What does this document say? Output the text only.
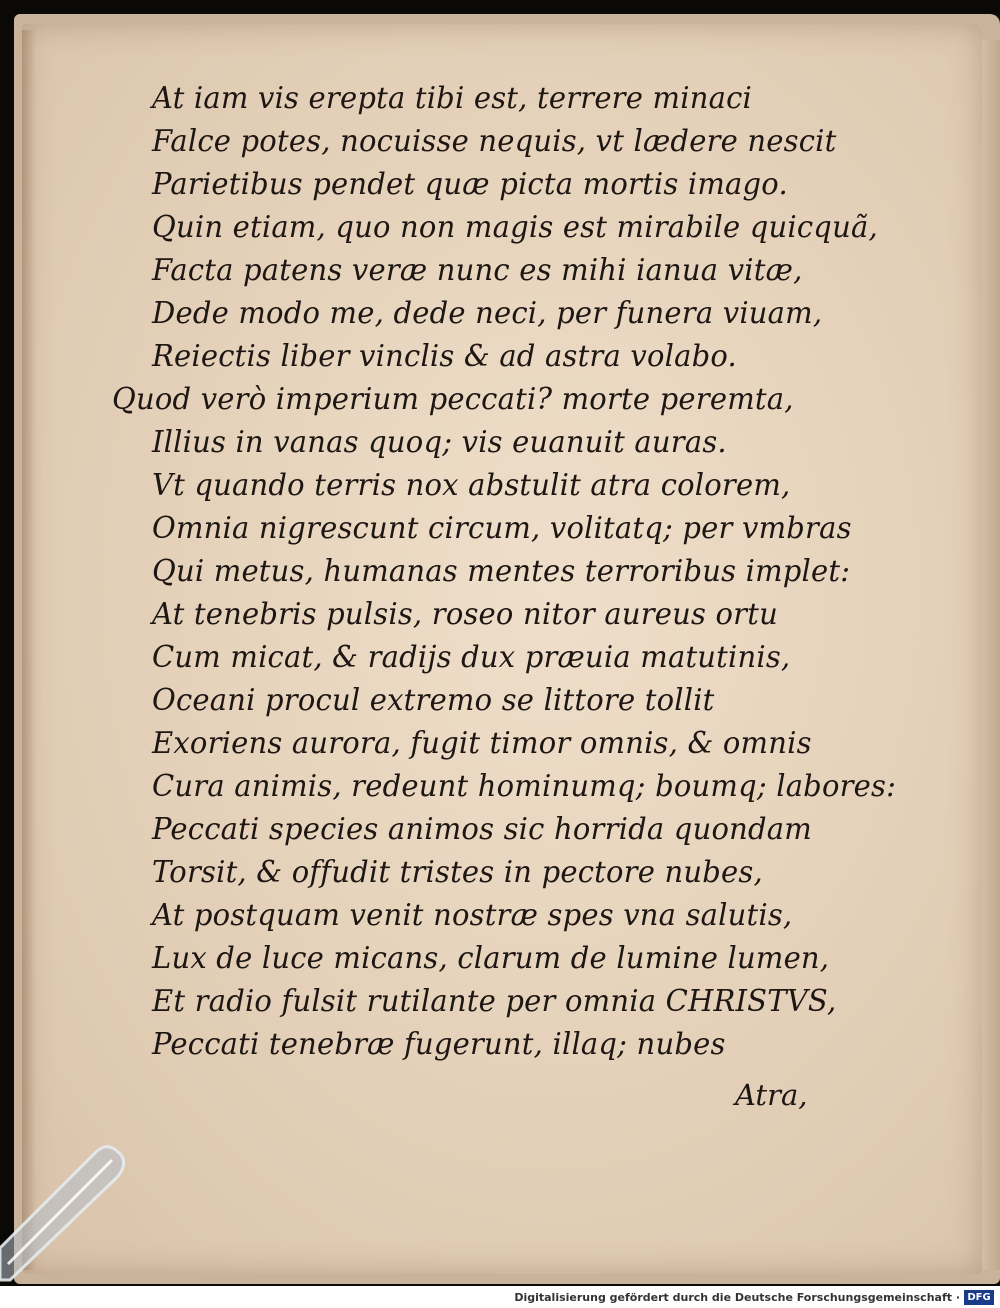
At iam vis erepta tibi est, terrere minaci
Falce potes, nocuisse nequis, vt lædere nescit
Parietibus pendet quæ picta mortis imago.
Quin etiam, quo non magis est mirabile quicquã,
Facta patens veræ nunc es mihi ianua vitæ,
Dede modo me, dede neci, per funera viuam,
Reiectis liber vinclis & ad astra volabo.
Quod verò imperium peccati? morte peremta,
Illius in vanas quoq; vis euanuit auras.
Vt quando terris nox abstulit atra colorem,
Omnia nigrescunt circum, volitatq; per vmbras
Qui metus, humanas mentes terroribus implet:
At tenebris pulsis, roseo nitor aureus ortu
Cum micat, & radijs dux præuia matutinis,
Oceani procul extremo se littore tollit
Exoriens aurora, fugit timor omnis, & omnis
Cura animis, redeunt hominumq; boumq; labores:
Peccati species animos sic horrida quondam
Torsit, & offudit tristes in pectore nubes,
At postquam venit nostræ spes vna salutis,
Lux de luce micans, clarum de lumine lumen,
Et radio fulsit rutilante per omnia CHRISTVS,
Peccati tenebræ fugerunt, illaq; nubes
Atra,
Digitalisierung gefördert durch die Deutsche Forschungsgemeinschaft · DFG
